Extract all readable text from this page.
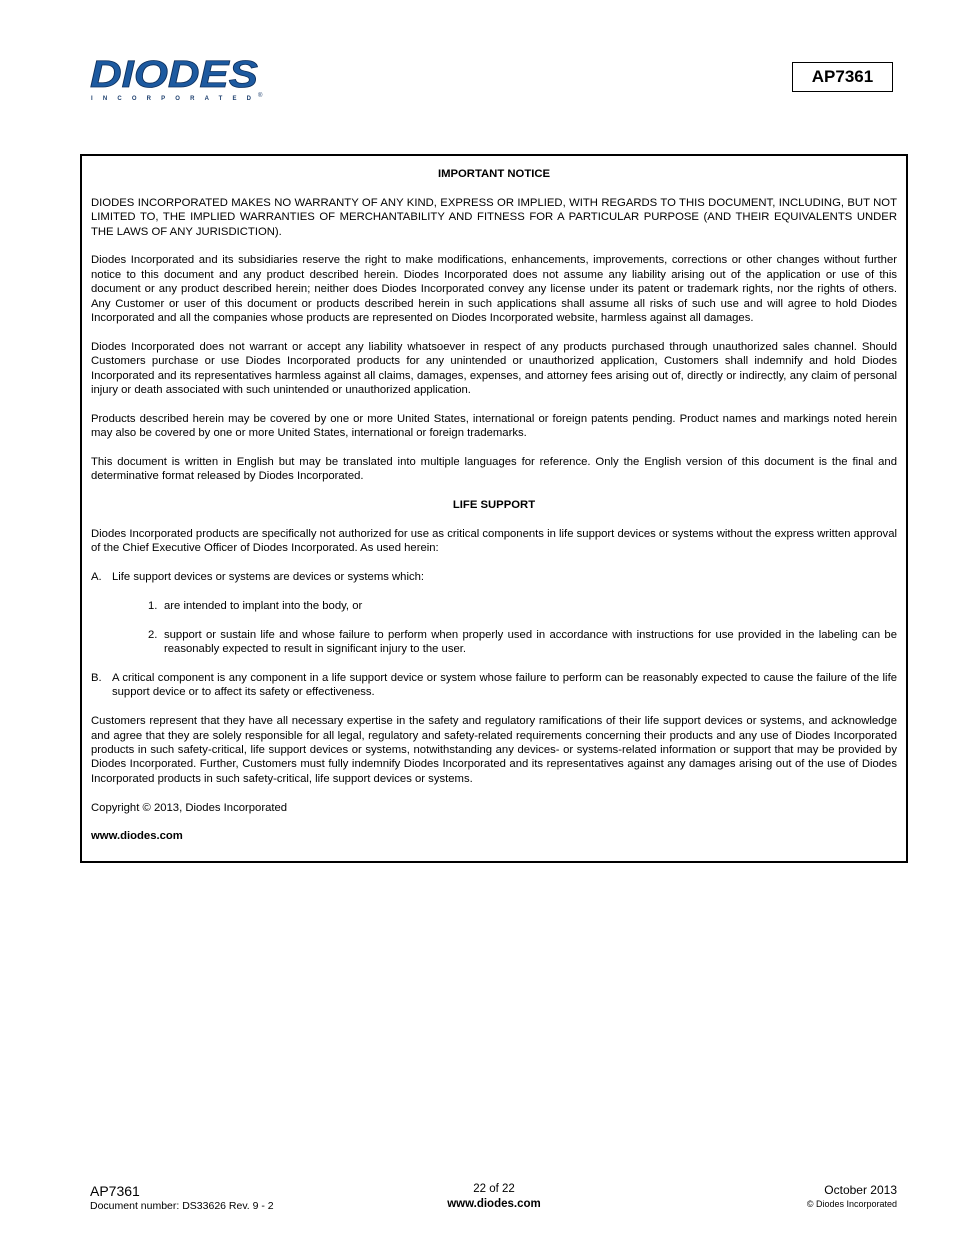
DIODES
INCORPORATED ®
AP7361

IMPORTANT NOTICE

DIODES INCORPORATED MAKES NO WARRANTY OF ANY KIND, EXPRESS OR IMPLIED, WITH REGARDS TO THIS DOCUMENT, INCLUDING, BUT NOT LIMITED TO, THE IMPLIED WARRANTIES OF MERCHANTABILITY AND FITNESS FOR A PARTICULAR PURPOSE (AND THEIR EQUIVALENTS UNDER THE LAWS OF ANY JURISDICTION).

Diodes Incorporated and its subsidiaries reserve the right to make modifications, enhancements, improvements, corrections or other changes without further notice to this document and any product described herein. Diodes Incorporated does not assume any liability arising out of the application or use of this document or any product described herein; neither does Diodes Incorporated convey any license under its patent or trademark rights, nor the rights of others. Any Customer or user of this document or products described herein in such applications shall assume all risks of such use and will agree to hold Diodes Incorporated and all the companies whose products are represented on Diodes Incorporated website, harmless against all damages.

Diodes Incorporated does not warrant or accept any liability whatsoever in respect of any products purchased through unauthorized sales channel. Should Customers purchase or use Diodes Incorporated products for any unintended or unauthorized application, Customers shall indemnify and hold Diodes Incorporated and its representatives harmless against all claims, damages, expenses, and attorney fees arising out of, directly or indirectly, any claim of personal injury or death associated with such unintended or unauthorized application.

Products described herein may be covered by one or more United States, international or foreign patents pending. Product names and markings noted herein may also be covered by one or more United States, international or foreign trademarks.

This document is written in English but may be translated into multiple languages for reference. Only the English version of this document is the final and determinative format released by Diodes Incorporated.

LIFE SUPPORT

Diodes Incorporated products are specifically not authorized for use as critical components in life support devices or systems without the express written approval of the Chief Executive Officer of Diodes Incorporated. As used herein:

A. Life support devices or systems are devices or systems which:
1. are intended to implant into the body, or
2. support or sustain life and whose failure to perform when properly used in accordance with instructions for use provided in the labeling can be reasonably expected to result in significant injury to the user.
B. A critical component is any component in a life support device or system whose failure to perform can be reasonably expected to cause the failure of the life support device or to affect its safety or effectiveness.

Customers represent that they have all necessary expertise in the safety and regulatory ramifications of their life support devices or systems, and acknowledge and agree that they are solely responsible for all legal, regulatory and safety-related requirements concerning their products and any use of Diodes Incorporated products in such safety-critical, life support devices or systems, notwithstanding any devices- or systems-related information or support that may be provided by Diodes Incorporated. Further, Customers must fully indemnify Diodes Incorporated and its representatives against any damages arising out of the use of Diodes Incorporated products in such safety-critical, life support devices or systems.

Copyright © 2013, Diodes Incorporated

www.diodes.com

AP7361
Document number: DS33626 Rev. 9 - 2
22 of 22
www.diodes.com
October 2013
© Diodes Incorporated
